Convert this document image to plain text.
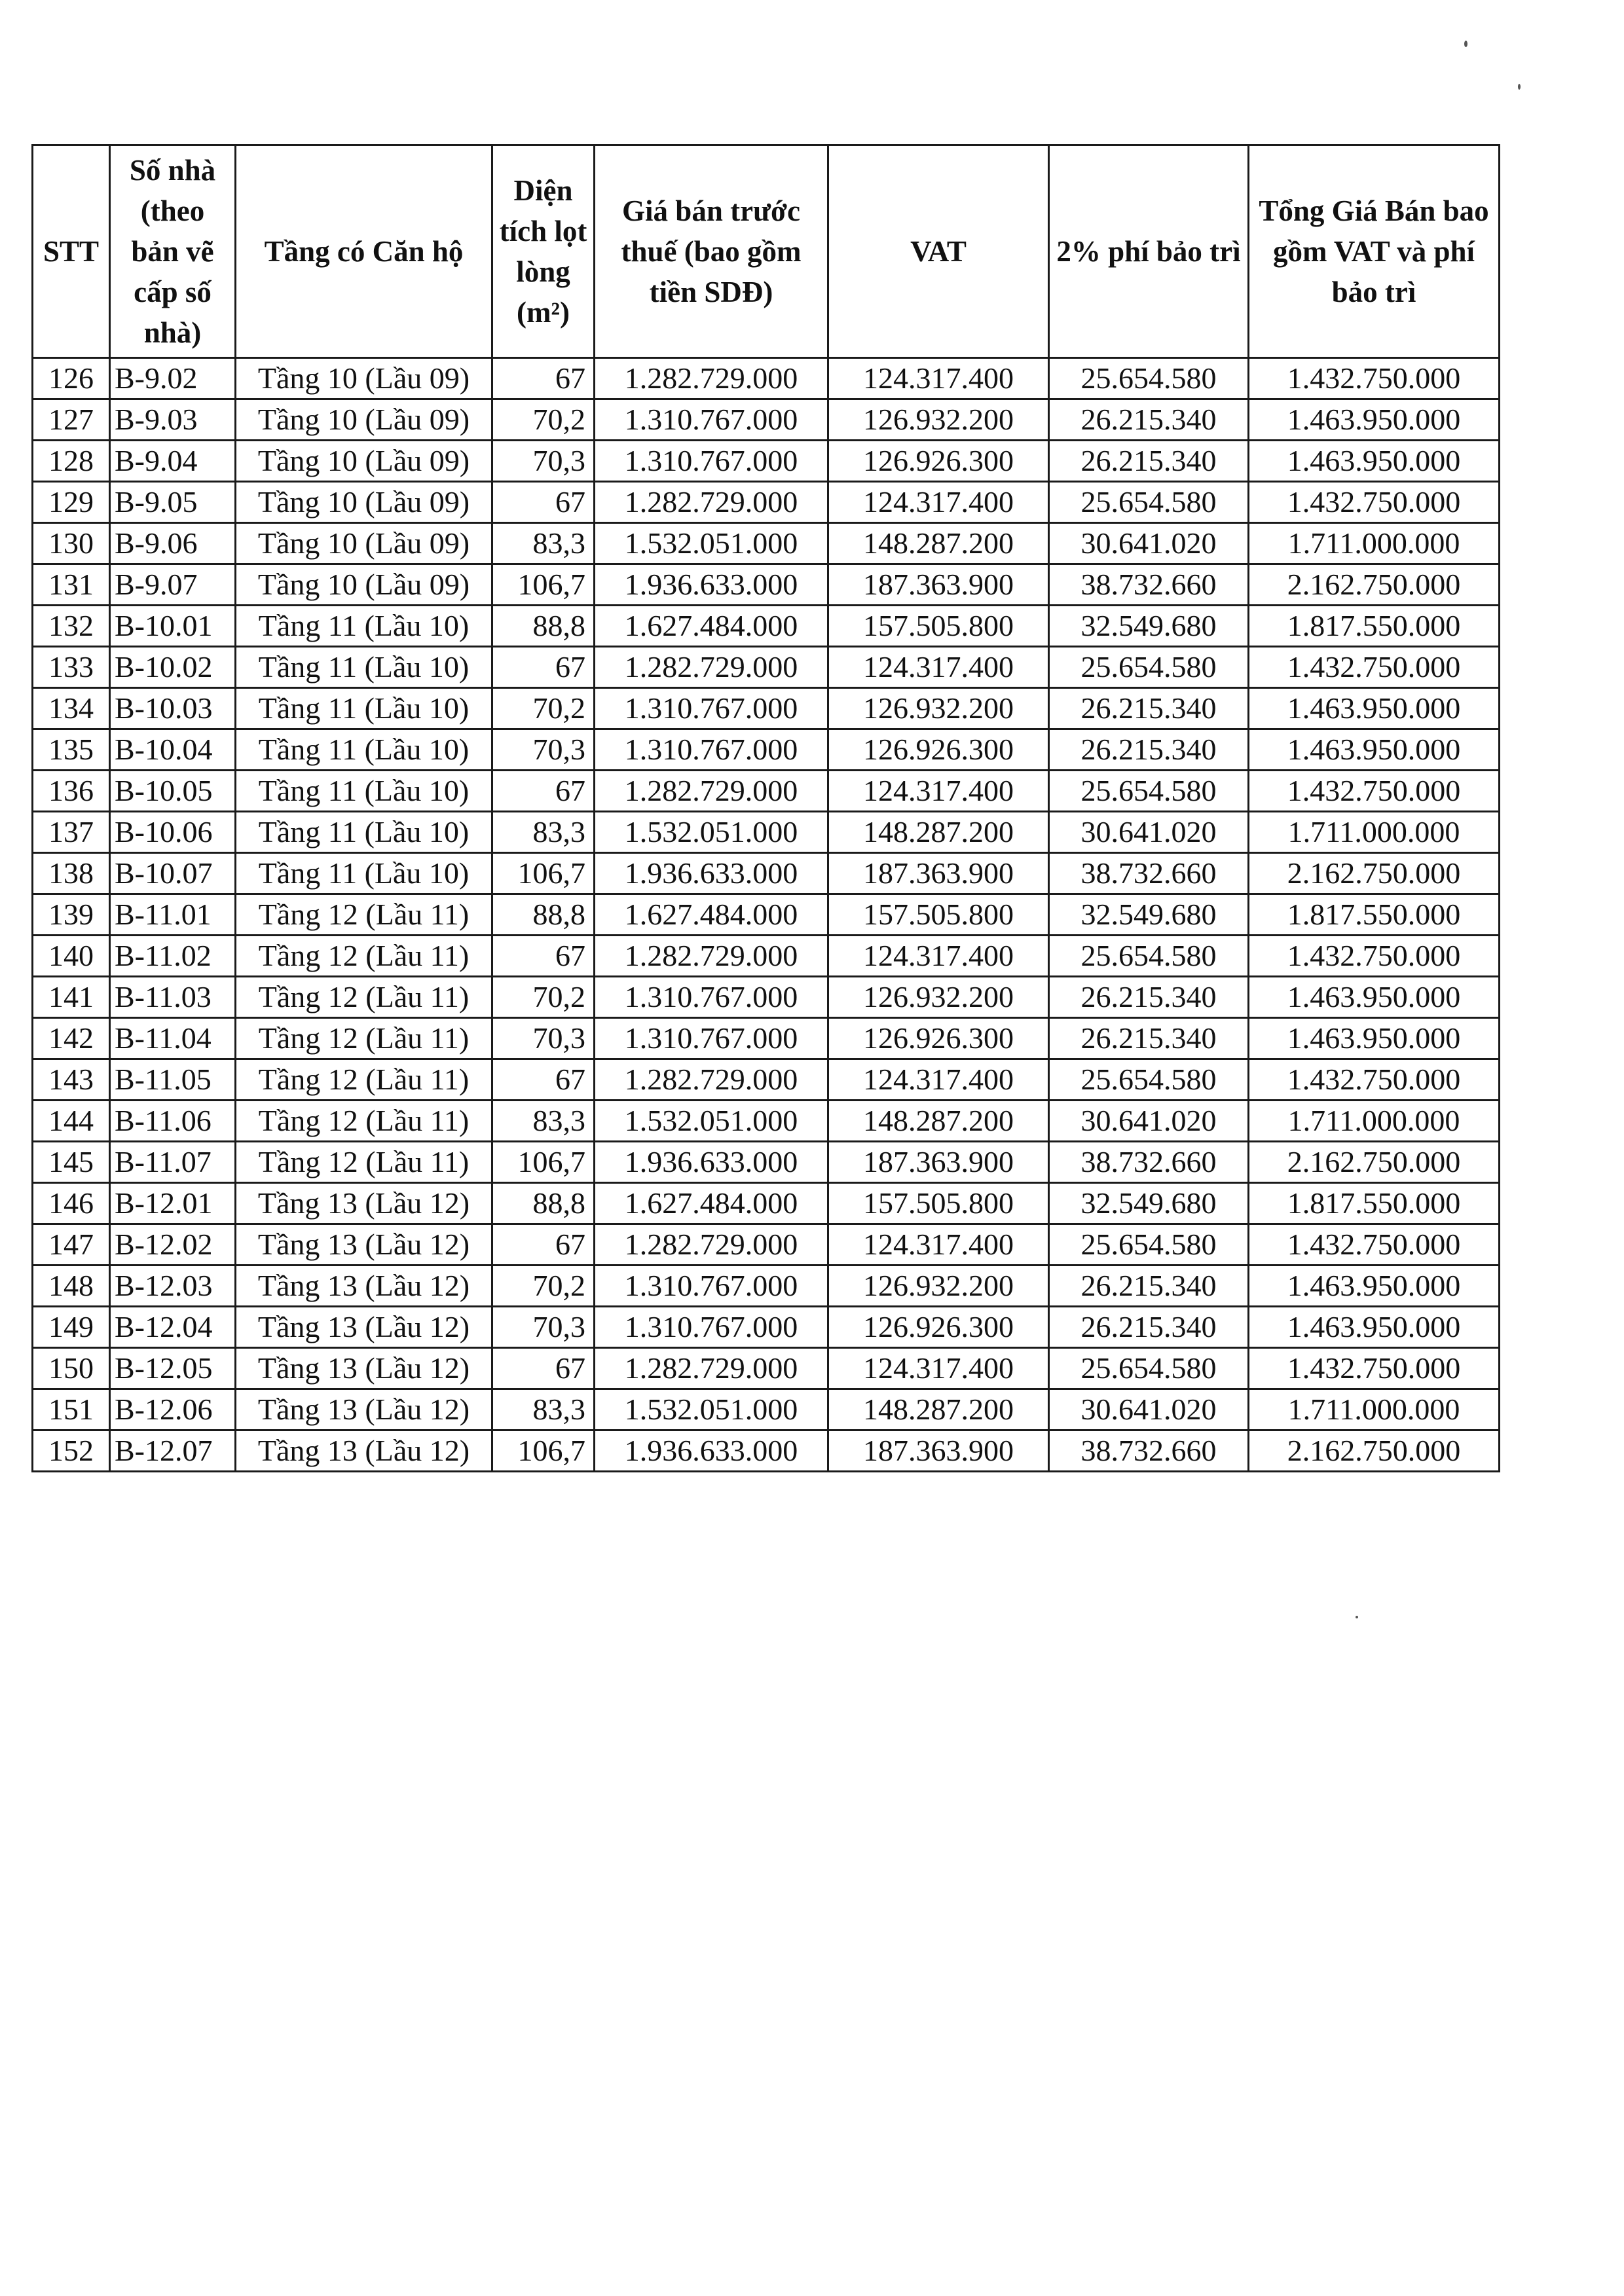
STT	Số nhà (theo bản vẽ cấp số nhà)	Tầng có Căn hộ	Diện tích lọt lòng (m²)	Giá bán trước thuế (bao gồm tiền SDĐ)	VAT	2% phí bảo trì	Tổng Giá Bán bao gồm VAT và phí bảo trì
126	B-9.02	Tầng 10 (Lầu 09)	67	1.282.729.000	124.317.400	25.654.580	1.432.750.000
127	B-9.03	Tầng 10 (Lầu 09)	70,2	1.310.767.000	126.932.200	26.215.340	1.463.950.000
128	B-9.04	Tầng 10 (Lầu 09)	70,3	1.310.767.000	126.926.300	26.215.340	1.463.950.000
129	B-9.05	Tầng 10 (Lầu 09)	67	1.282.729.000	124.317.400	25.654.580	1.432.750.000
130	B-9.06	Tầng 10 (Lầu 09)	83,3	1.532.051.000	148.287.200	30.641.020	1.711.000.000
131	B-9.07	Tầng 10 (Lầu 09)	106,7	1.936.633.000	187.363.900	38.732.660	2.162.750.000
132	B-10.01	Tầng 11 (Lầu 10)	88,8	1.627.484.000	157.505.800	32.549.680	1.817.550.000
133	B-10.02	Tầng 11 (Lầu 10)	67	1.282.729.000	124.317.400	25.654.580	1.432.750.000
134	B-10.03	Tầng 11 (Lầu 10)	70,2	1.310.767.000	126.932.200	26.215.340	1.463.950.000
135	B-10.04	Tầng 11 (Lầu 10)	70,3	1.310.767.000	126.926.300	26.215.340	1.463.950.000
136	B-10.05	Tầng 11 (Lầu 10)	67	1.282.729.000	124.317.400	25.654.580	1.432.750.000
137	B-10.06	Tầng 11 (Lầu 10)	83,3	1.532.051.000	148.287.200	30.641.020	1.711.000.000
138	B-10.07	Tầng 11 (Lầu 10)	106,7	1.936.633.000	187.363.900	38.732.660	2.162.750.000
139	B-11.01	Tầng 12 (Lầu 11)	88,8	1.627.484.000	157.505.800	32.549.680	1.817.550.000
140	B-11.02	Tầng 12 (Lầu 11)	67	1.282.729.000	124.317.400	25.654.580	1.432.750.000
141	B-11.03	Tầng 12 (Lầu 11)	70,2	1.310.767.000	126.932.200	26.215.340	1.463.950.000
142	B-11.04	Tầng 12 (Lầu 11)	70,3	1.310.767.000	126.926.300	26.215.340	1.463.950.000
143	B-11.05	Tầng 12 (Lầu 11)	67	1.282.729.000	124.317.400	25.654.580	1.432.750.000
144	B-11.06	Tầng 12 (Lầu 11)	83,3	1.532.051.000	148.287.200	30.641.020	1.711.000.000
145	B-11.07	Tầng 12 (Lầu 11)	106,7	1.936.633.000	187.363.900	38.732.660	2.162.750.000
146	B-12.01	Tầng 13 (Lầu 12)	88,8	1.627.484.000	157.505.800	32.549.680	1.817.550.000
147	B-12.02	Tầng 13 (Lầu 12)	67	1.282.729.000	124.317.400	25.654.580	1.432.750.000
148	B-12.03	Tầng 13 (Lầu 12)	70,2	1.310.767.000	126.932.200	26.215.340	1.463.950.000
149	B-12.04	Tầng 13 (Lầu 12)	70,3	1.310.767.000	126.926.300	26.215.340	1.463.950.000
150	B-12.05	Tầng 13 (Lầu 12)	67	1.282.729.000	124.317.400	25.654.580	1.432.750.000
151	B-12.06	Tầng 13 (Lầu 12)	83,3	1.532.051.000	148.287.200	30.641.020	1.711.000.000
152	B-12.07	Tầng 13 (Lầu 12)	106,7	1.936.633.000	187.363.900	38.732.660	2.162.750.000
